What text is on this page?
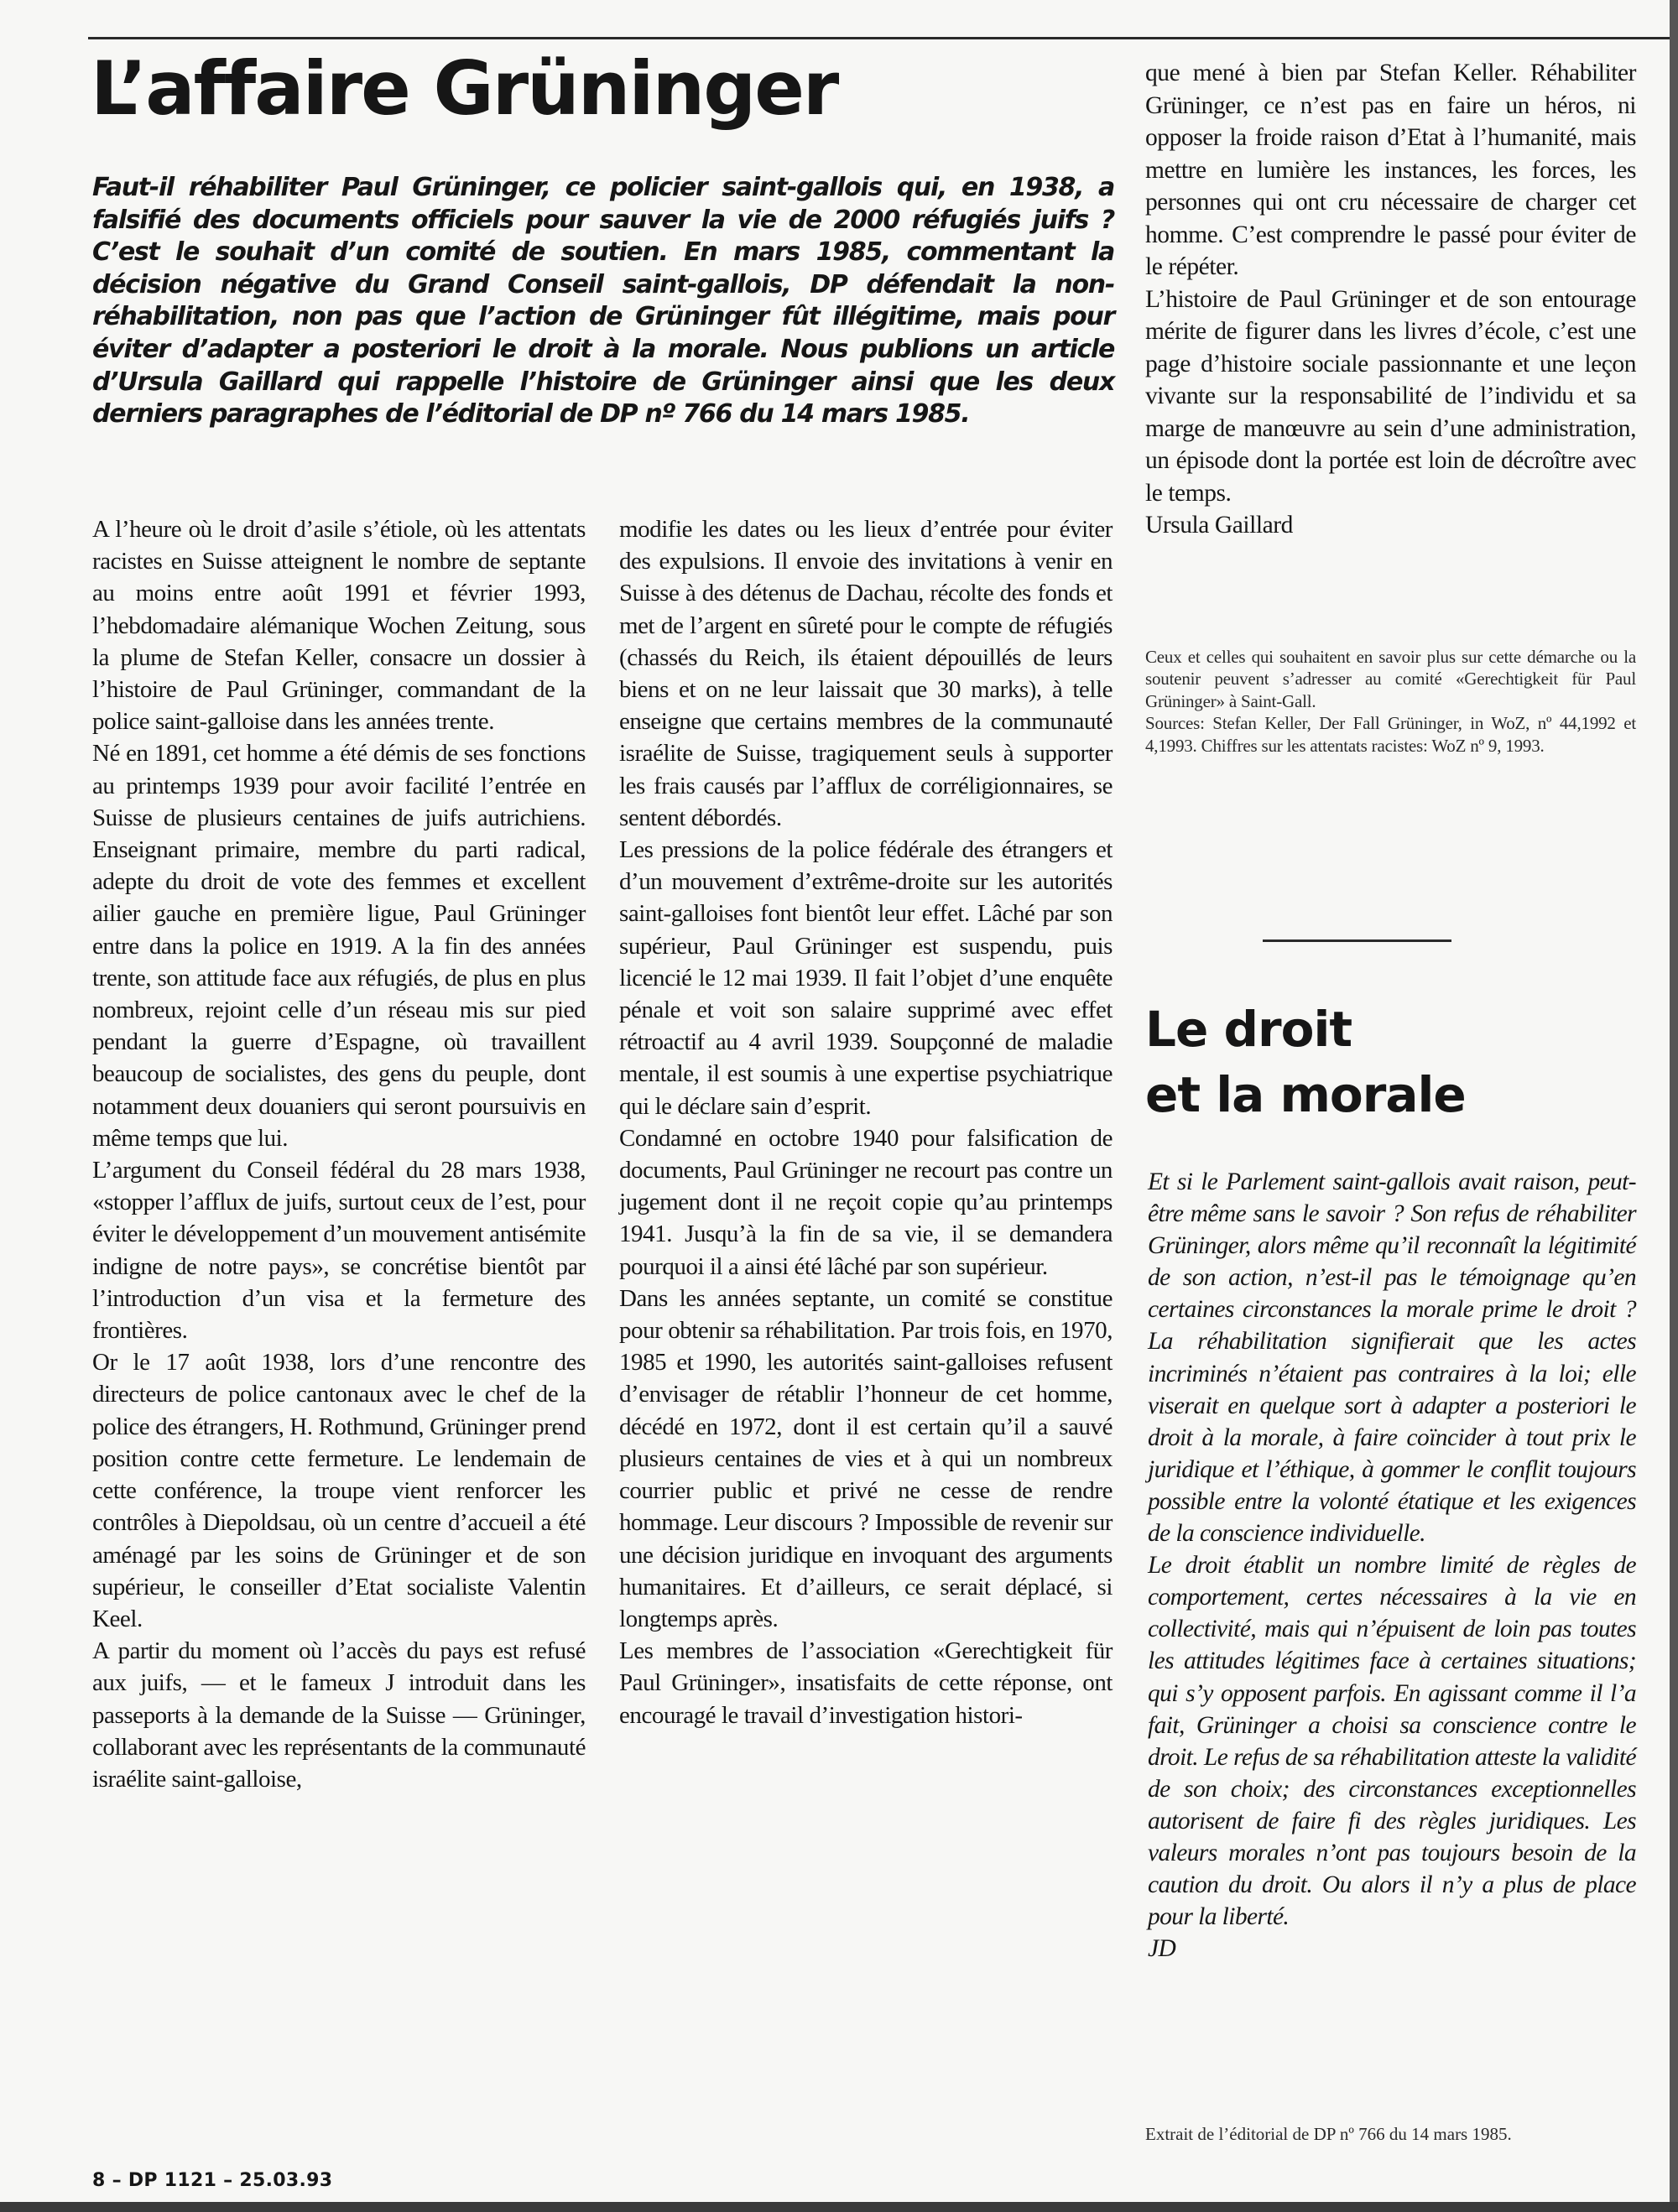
L’affaire Grüninger

Faut-il réhabiliter Paul Grüninger, ce policier saint-gallois qui, en 1938, a falsifié des documents officiels pour sauver la vie de 2000 réfugiés juifs ? C’est le souhait d’un comité de soutien. En mars 1985, commentant la décision négative du Grand Conseil saint-gallois, DP défendait la non-réhabilitation, non pas que l’action de Grüninger fût illégitime, mais pour éviter d’adapter a posteriori le droit à la morale. Nous publions un article d’Ursula Gaillard qui rappelle l’histoire de Grüninger ainsi que les deux derniers paragraphes de l’éditorial de DP nº 766 du 14 mars 1985.

A l’heure où le droit d’asile s’étiole, où les attentats racistes en Suisse atteignent le nombre de septante au moins entre août 1991 et février 1993, l’hebdomadaire alémanique Wochen Zeitung, sous la plume de Stefan Keller, consacre un dossier à l’histoire de Paul Grüninger, commandant de la police saint-galloise dans les années trente.

Né en 1891, cet homme a été démis de ses fonctions au printemps 1939 pour avoir facilité l’entrée en Suisse de plusieurs centaines de juifs autrichiens. Enseignant primaire, membre du parti radical, adepte du droit de vote des femmes et excellent ailier gauche en première ligue, Paul Grüninger entre dans la police en 1919. A la fin des années trente, son attitude face aux réfugiés, de plus en plus nombreux, rejoint celle d’un réseau mis sur pied pendant la guerre d’Espagne, où travaillent beaucoup de socialistes, des gens du peuple, dont notamment deux douaniers qui seront poursuivis en même temps que lui.

L’argument du Conseil fédéral du 28 mars 1938, «stopper l’afflux de juifs, surtout ceux de l’est, pour éviter le développement d’un mouvement antisémite indigne de notre pays», se concrétise bientôt par l’introduction d’un visa et la fermeture des frontières.

Or le 17 août 1938, lors d’une rencontre des directeurs de police cantonaux avec le chef de la police des étrangers, H. Rothmund, Grüninger prend position contre cette fermeture. Le lendemain de cette conférence, la troupe vient renforcer les contrôles à Diepoldsau, où un centre d’accueil a été aménagé par les soins de Grüninger et de son supérieur, le conseiller d’Etat socialiste Valentin Keel.

A partir du moment où l’accès du pays est refusé aux juifs, — et le fameux J introduit dans les passeports à la demande de la Suisse — Grüninger, collaborant avec les représentants de la communauté israélite saint-galloise,

modifie les dates ou les lieux d’entrée pour éviter des expulsions. Il envoie des invitations à venir en Suisse à des détenus de Dachau, récolte des fonds et met de l’argent en sûreté pour le compte de réfugiés (chassés du Reich, ils étaient dépouillés de leurs biens et on ne leur laissait que 30 marks), à telle enseigne que certains membres de la communauté israélite de Suisse, tragiquement seuls à supporter les frais causés par l’afflux de corréligionnaires, se sentent débordés.

Les pressions de la police fédérale des étrangers et d’un mouvement d’extrême-droite sur les autorités saint-galloises font bientôt leur effet. Lâché par son supérieur, Paul Grüninger est suspendu, puis licencié le 12 mai 1939. Il fait l’objet d’une enquête pénale et voit son salaire supprimé avec effet rétroactif au 4 avril 1939. Soupçonné de maladie mentale, il est soumis à une expertise psychiatrique qui le déclare sain d’esprit.

Condamné en octobre 1940 pour falsification de documents, Paul Grüninger ne recourt pas contre un jugement dont il ne reçoit copie qu’au printemps 1941. Jusqu’à la fin de sa vie, il se demandera pourquoi il a ainsi été lâché par son supérieur.

Dans les années septante, un comité se constitue pour obtenir sa réhabilitation. Par trois fois, en 1970, 1985 et 1990, les autorités saint-galloises refusent d’envisager de rétablir l’honneur de cet homme, décédé en 1972, dont il est certain qu’il a sauvé plusieurs centaines de vies et à qui un nombreux courrier public et privé ne cesse de rendre hommage. Leur discours ? Impossible de revenir sur une décision juridique en invoquant des arguments humanitaires. Et d’ailleurs, ce serait déplacé, si longtemps après.

Les membres de l’association «Gerechtigkeit für Paul Grüninger», insatisfaits de cette réponse, ont encouragé le travail d’investigation histori-

que mené à bien par Stefan Keller. Réhabiliter Grüninger, ce n’est pas en faire un héros, ni opposer la froide raison d’Etat à l’humanité, mais mettre en lumière les instances, les forces, les personnes qui ont cru nécessaire de charger cet homme. C’est comprendre le passé pour éviter de le répéter.

L’histoire de Paul Grüninger et de son entourage mérite de figurer dans les livres d’école, c’est une page d’histoire sociale passionnante et une leçon vivante sur la responsabilité de l’individu et sa marge de manœuvre au sein d’une administration, un épisode dont la portée est loin de décroître avec le temps.

Ursula Gaillard

Ceux et celles qui souhaitent en savoir plus sur cette démarche ou la soutenir peuvent s’adresser au comité «Gerechtigkeit für Paul Grüninger» à Saint-Gall.

Sources: Stefan Keller, Der Fall Grüninger, in WoZ, nº 44,1992 et 4,1993. Chiffres sur les attentats racistes: WoZ nº 9, 1993.

Le droit
et la morale

Et si le Parlement saint-gallois avait raison, peut-être même sans le savoir ? Son refus de réhabiliter Grüninger, alors même qu’il reconnaît la légitimité de son action, n’est-il pas le témoignage qu’en certaines circonstances la morale prime le droit ? La réhabilitation signifierait que les actes incriminés n’étaient pas contraires à la loi; elle viserait en quelque sort à adapter a posteriori le droit à la morale, à faire coïncider à tout prix le juridique et l’éthique, à gommer le conflit toujours possible entre la volonté étatique et les exigences de la conscience individuelle.

Le droit établit un nombre limité de règles de comportement, certes nécessaires à la vie en collectivité, mais qui n’épuisent de loin pas toutes les attitudes légitimes face à certaines situations; qui s’y opposent parfois. En agissant comme il l’a fait, Grüninger a choisi sa conscience contre le droit. Le refus de sa réhabilitation atteste la validité de son choix; des circonstances exceptionnelles autorisent de faire fi des règles juridiques. Les valeurs morales n’ont pas toujours besoin de la caution du droit. Ou alors il n’y a plus de place pour la liberté.

JD

Extrait de l’éditorial de DP nº 766 du 14 mars 1985.
8 – DP 1121 – 25.03.93
